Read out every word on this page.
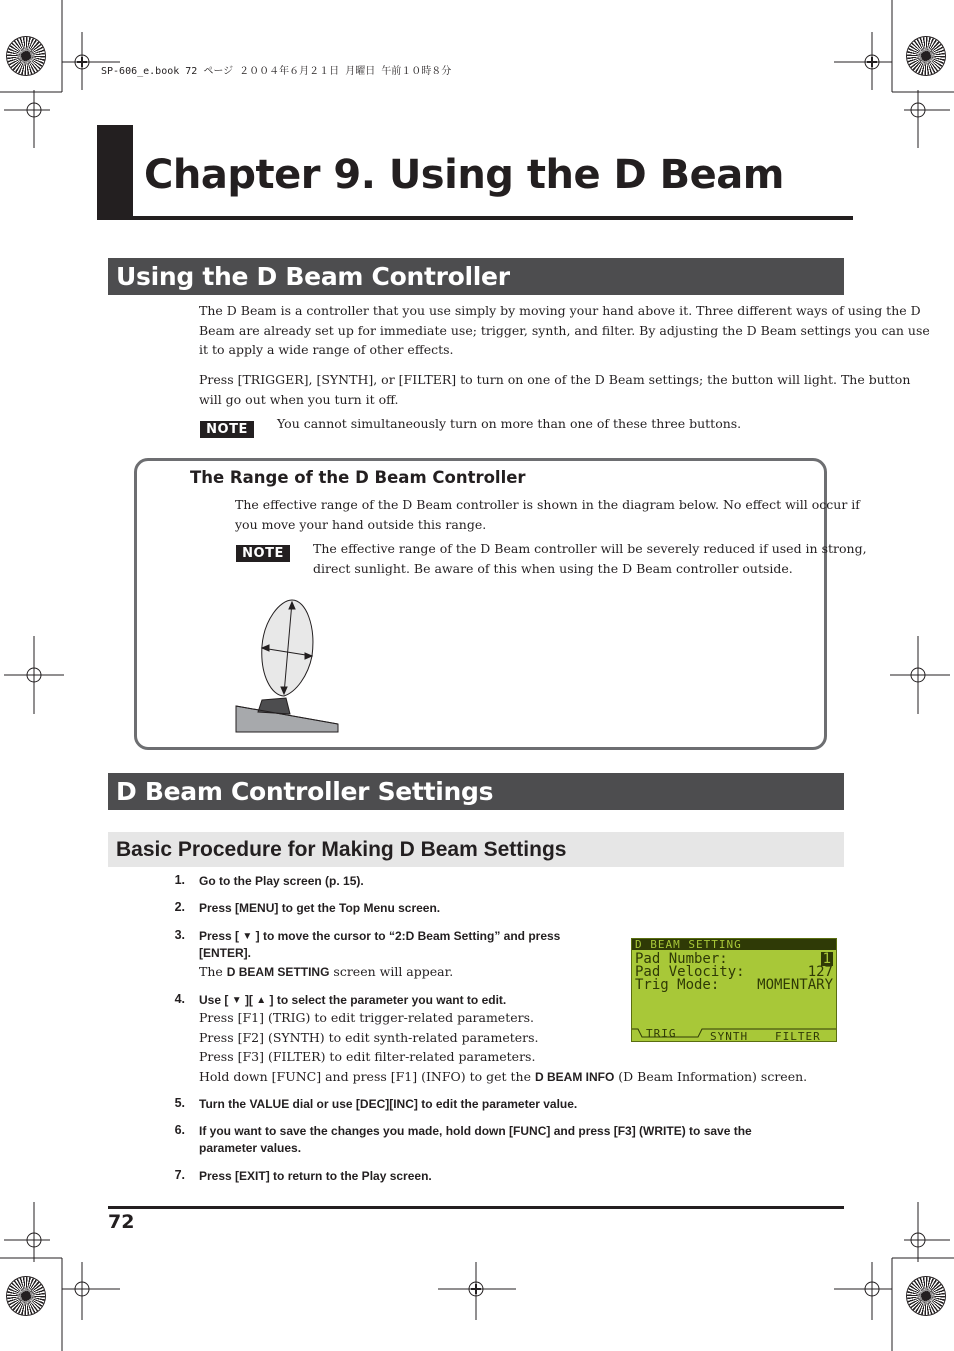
SP-606_e.book 72 ページ ２００４年６月２１日 月曜日 午前１０時８分
Chapter 9. Using the D Beam
Using the D Beam Controller
The D Beam is a controller that you use simply by moving your hand above it. Three different ways of using the D
Beam are already set up for immediate use; trigger, synth, and filter. By adjusting the D Beam settings you can use
it to apply a wide range of other effects.
Press [TRIGGER], [SYNTH], or [FILTER] to turn on one of the D Beam settings; the button will light. The button
will go out when you turn it off.
NOTE	You cannot simultaneously turn on more than one of these three buttons.
The Range of the D Beam Controller
The effective range of the D Beam controller is shown in the diagram below. No effect will occur if
you move your hand outside this range.
NOTE	The effective range of the D Beam controller will be severely reduced if used in strong,
direct sunlight. Be aware of this when using the D Beam controller outside.
D Beam Controller Settings
Basic Procedure for Making D Beam Settings
1. Go to the Play screen (p. 15).
2. Press [MENU] to get the Top Menu screen.
3. Press [ ▼ ] to move the cursor to “2:D Beam Setting” and press
[ENTER].
The D BEAM SETTING screen will appear.
4. Use [ ▼ ][ ▲ ] to select the parameter you want to edit.
Press [F1] (TRIG) to edit trigger-related parameters.
Press [F2] (SYNTH) to edit synth-related parameters.
Press [F3] (FILTER) to edit filter-related parameters.
Hold down [FUNC] and press [F1] (INFO) to get the D BEAM INFO (D Beam Information) screen.
5. Turn the VALUE dial or use [DEC][INC] to edit the parameter value.
6. If you want to save the changes you made, hold down [FUNC] and press [F3] (WRITE) to save the
parameter values.
7. Press [EXIT] to return to the Play screen.
D BEAM SETTING
Pad Number:	1
Pad Velocity:	127
Trig Mode:	MOMENTARY
TRIG	SYNTH FILTER
72
